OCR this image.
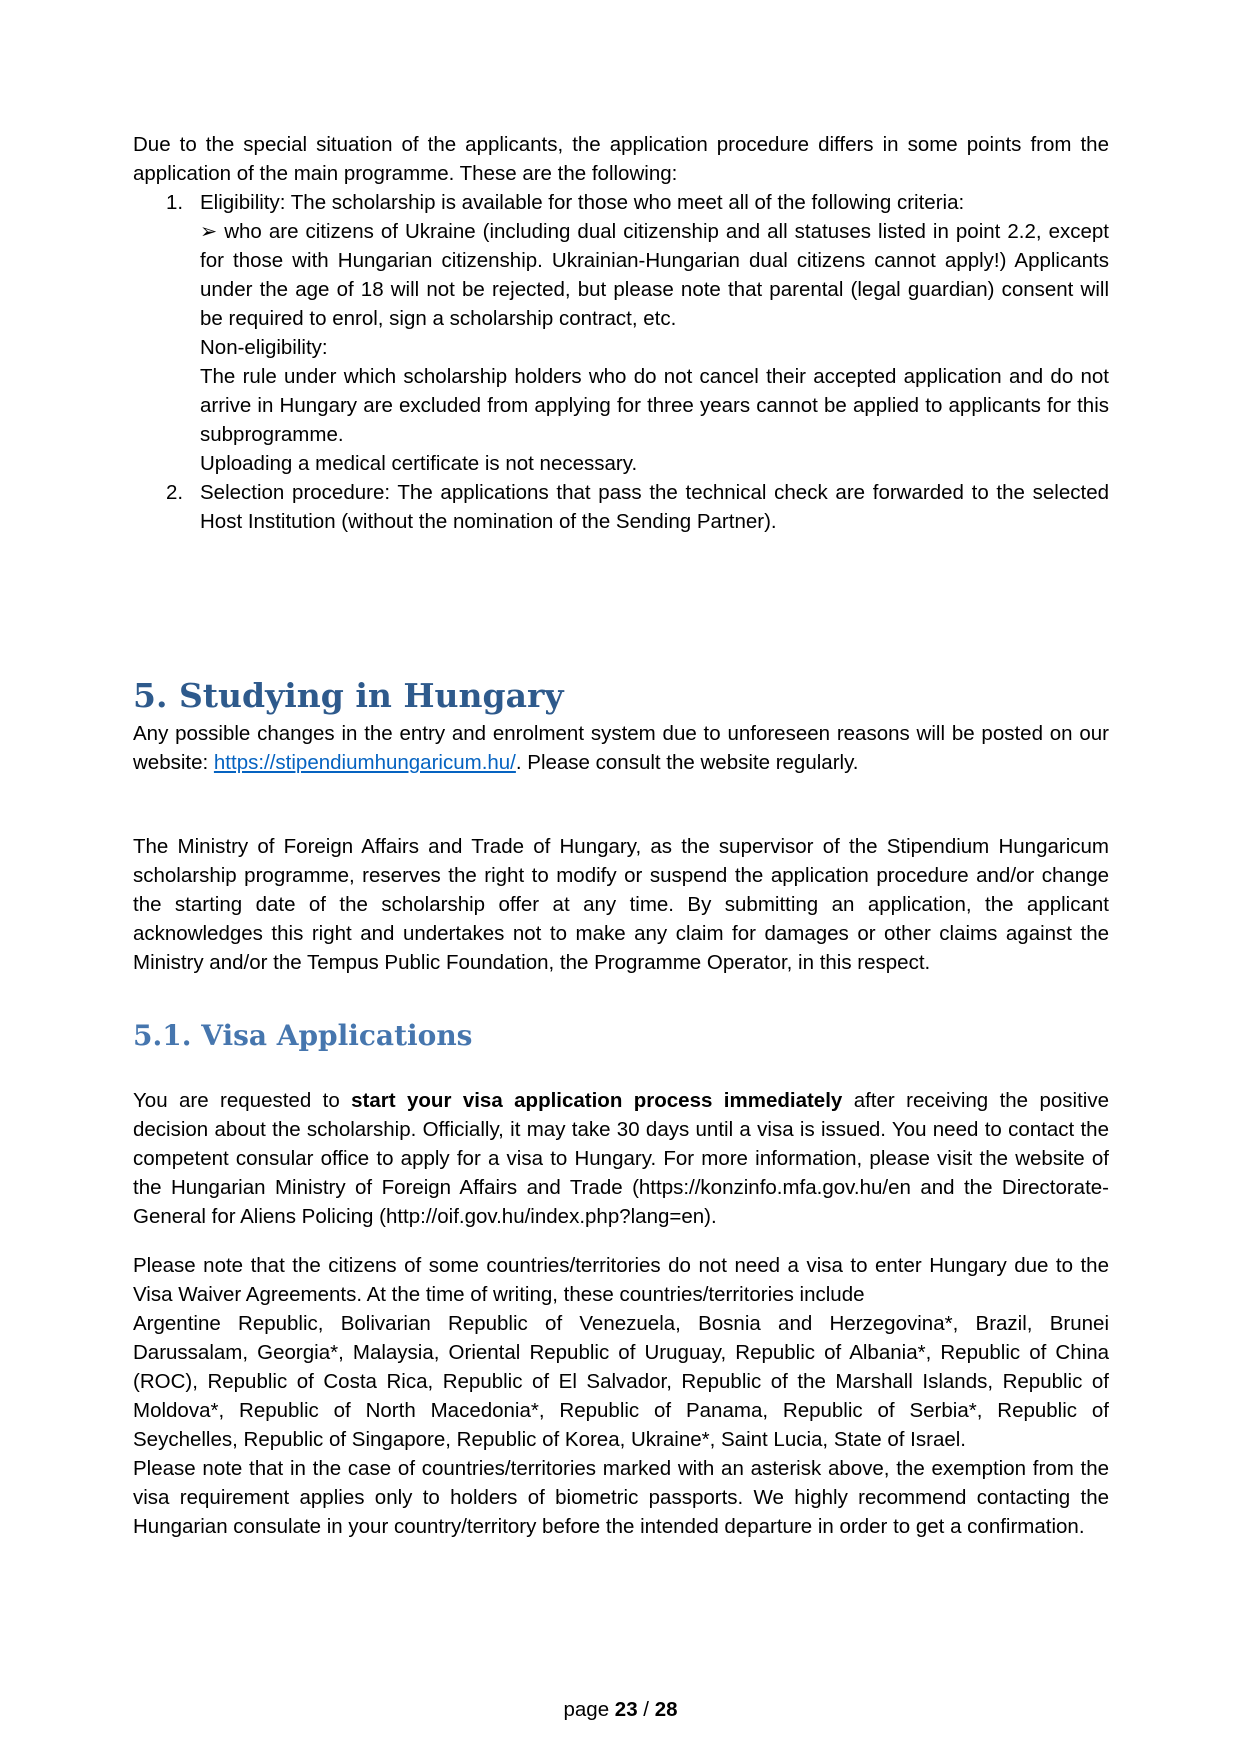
Due to the special situation of the applicants, the application procedure differs in some points from the application of the main programme. These are the following:

1. Eligibility: The scholarship is available for those who meet all of the following criteria:

➢ who are citizens of Ukraine (including dual citizenship and all statuses listed in point 2.2, except for those with Hungarian citizenship. Ukrainian-Hungarian dual citizens cannot apply!) Applicants under the age of 18 will not be rejected, but please note that parental (legal guardian) consent will be required to enrol, sign a scholarship contract, etc.

Non-eligibility:

The rule under which scholarship holders who do not cancel their accepted application and do not arrive in Hungary are excluded from applying for three years cannot be applied to applicants for this subprogramme.

Uploading a medical certificate is not necessary.

2. Selection procedure: The applications that pass the technical check are forwarded to the selected Host Institution (without the nomination of the Sending Partner).

5. Studying in Hungary

Any possible changes in the entry and enrolment system due to unforeseen reasons will be posted on our website: https://stipendiumhungaricum.hu/. Please consult the website regularly.

The Ministry of Foreign Affairs and Trade of Hungary, as the supervisor of the Stipendium Hungaricum scholarship programme, reserves the right to modify or suspend the application procedure and/or change the starting date of the scholarship offer at any time. By submitting an application, the applicant acknowledges this right and undertakes not to make any claim for damages or other claims against the Ministry and/or the Tempus Public Foundation, the Programme Operator, in this respect.

5.1. Visa Applications

You are requested to start your visa application process immediately after receiving the positive decision about the scholarship. Officially, it may take 30 days until a visa is issued. You need to contact the competent consular office to apply for a visa to Hungary. For more information, please visit the website of the Hungarian Ministry of Foreign Affairs and Trade (https://konzinfo.mfa.gov.hu/en and the Directorate-General for Aliens Policing (http://oif.gov.hu/index.php?lang=en).

Please note that the citizens of some countries/territories do not need a visa to enter Hungary due to the Visa Waiver Agreements. At the time of writing, these countries/territories include

Argentine Republic, Bolivarian Republic of Venezuela, Bosnia and Herzegovina*, Brazil, Brunei Darussalam, Georgia*, Malaysia, Oriental Republic of Uruguay, Republic of Albania*, Republic of China (ROC), Republic of Costa Rica, Republic of El Salvador, Republic of the Marshall Islands, Republic of Moldova*, Republic of North Macedonia*, Republic of Panama, Republic of Serbia*, Republic of Seychelles, Republic of Singapore, Republic of Korea, Ukraine*, Saint Lucia, State of Israel.

Please note that in the case of countries/territories marked with an asterisk above, the exemption from the visa requirement applies only to holders of biometric passports. We highly recommend contacting the Hungarian consulate in your country/territory before the intended departure in order to get a confirmation.

page 23 / 28
